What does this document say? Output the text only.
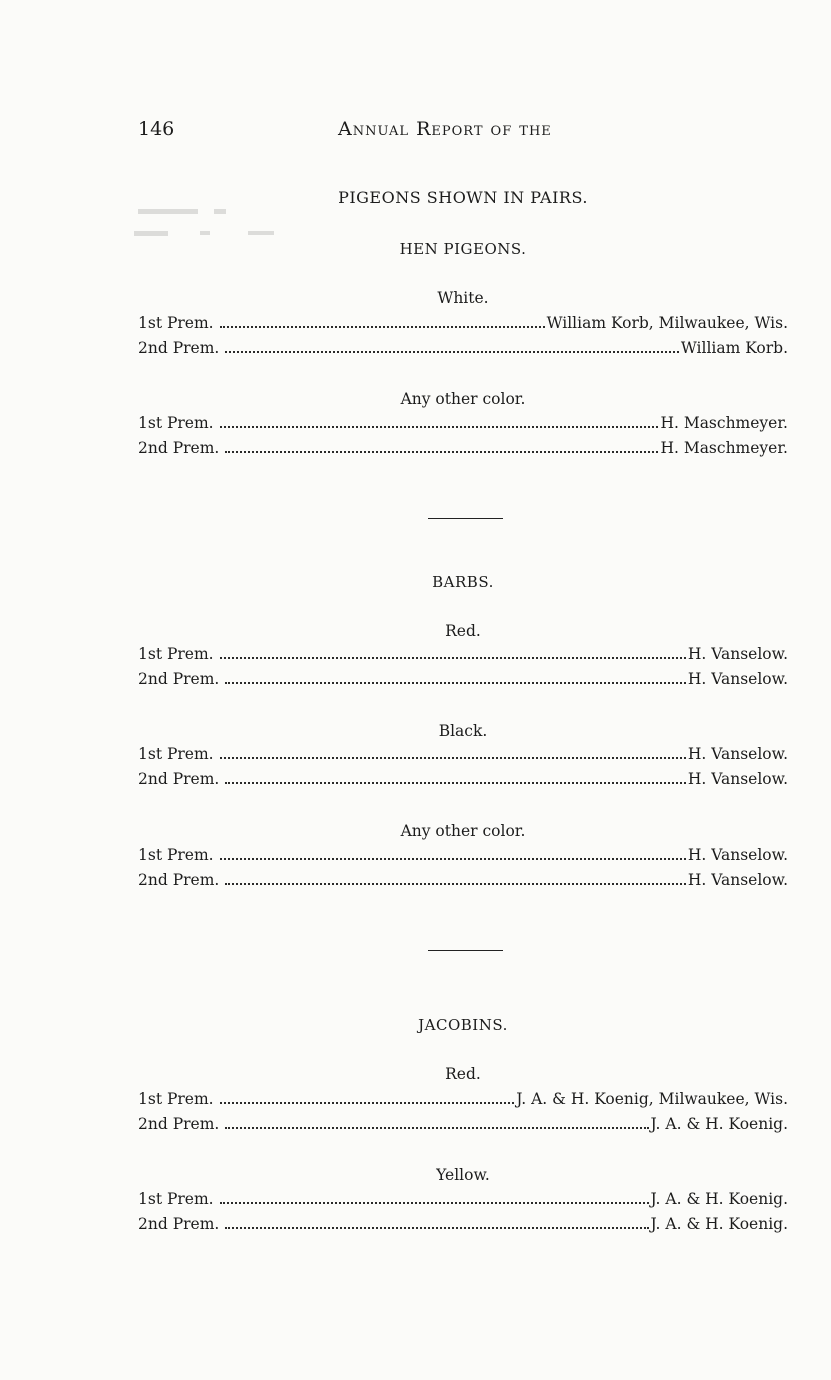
146	Annual Report of the
PIGEONS SHOWN IN PAIRS.
HEN PIGEONS.
White.
1st Prem.	William Korb, Milwaukee, Wis.
2nd Prem.	William Korb.
Any other color.
1st Prem.	H. Maschmeyer.
2nd Prem.	H. Maschmeyer.
BARBS.
Red.
1st Prem.	H. Vanselow.
2nd Prem.	H. Vanselow.
Black.
1st Prem.	H. Vanselow.
2nd Prem.	H. Vanselow.
Any other color.
1st Prem.	H. Vanselow.
2nd Prem.	H. Vanselow.
JACOBINS.
Red.
1st Prem.	J. A. & H. Koenig, Milwaukee, Wis.
2nd Prem.	J. A. & H. Koenig.
Yellow.
1st Prem.	J. A. & H. Koenig.
2nd Prem.	J. A. & H. Koenig.
